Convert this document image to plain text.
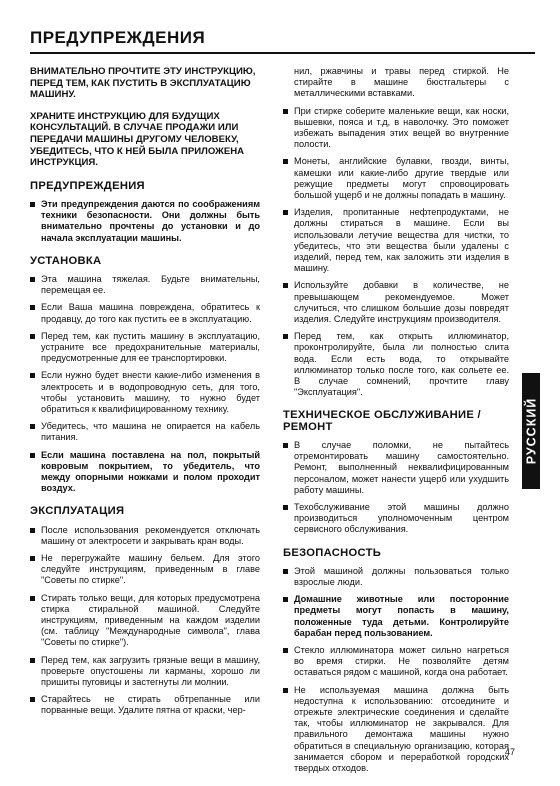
ПРЕДУПРЕЖДЕНИЯ

ВНИМАТЕЛЬНО ПРОЧТИТЕ ЭТУ ИНСТРУКЦИЮ, ПЕРЕД ТЕМ, КАК ПУСТИТЬ В ЭКСПЛУАТАЦИЮ МАШИНУ.

ХРАНИТЕ ИНСТРУКЦИЮ ДЛЯ БУДУЩИХ КОНСУЛЬТАЦИЙ. В СЛУЧАЕ ПРОДАЖИ ИЛИ ПЕРЕДАЧИ МАШИНЫ ДРУГОМУ ЧЕЛОВЕКУ, УБЕДИТЕСЬ, ЧТО К НЕЙ БЫЛА ПРИЛОЖЕНА ИНСТРУКЦИЯ.

ПРЕДУПРЕЖДЕНИЯ
Эти предупреждения даются по соображениям техники безопасности. Они должны быть внимательно прочтены до установки и до начала эксплуатации машины.
УСТАНОВКА
Эта машина тяжелая. Будьте внимательны, перемещая ее.
Если Ваша машина повреждена, обратитесь к продавцу, до того как пустить ее в эксплуатацию.
Перед тем, как пустить машину в эксплуатацию, устраните все предохранительные материалы, предусмотренные для ее транспортировки.
Если нужно будет внести какие-либо изменения в электросеть и в водопроводную сеть, для того, чтобы установить машину, то нужно будет обратиться к квалифицированному технику.
Убедитесь, что машина не опирается на кабель питания.
Если машина поставлена на пол, покрытый ковровым покрытием, то убедитель, что между опорными ножками и полом проходит воздух.
ЭКСПЛУАТАЦИЯ
После использования рекомендуется отключать машину от электросети и закрывать кран воды.
Не перегружайте машину бельем. Для этого следуйте инструкциям, приведенным в главе "Советы по стирке".
Стирать только вещи, для которых предусмотрена стирка стиральной машиной. Следуйте инструкциям, приведенным на каждом изделии (см. таблицу "Международные символа", глава "Советы по стирке").
Перед тем, как загрузить грязные вещи в машину, проверьте опустошены ли карманы, хорошо ли пришиты пуговицы и застегнуты ли молнии.
Старайтесь не стирать обтрепанные или порванные вещи. Удалите пятна от краски, чер-

нил, ржавчины и травы перед стиркой. Не стирайте в машине бюстгальтеры с металлическими вставками.

При стирке соберите маленькие вещи, как носки, вышевки, пояса и т.д, в наволочку. Это поможет избежать выпадения этих вещей во внутренние полости.
Монеты, английские булавки, гвозди, винты, камешки или какие-либо другие твердые или режущие предметы могут спровоцировать большой ущерб и не должны попадать в машину.
Изделия, пропитанные нефтепродуктами, не должны стираться в машине. Если вы использовали летучие вещества для чистки, то убедитесь, что эти вещества были удалены с изделий, перед тем, как заложить эти изделия в машину.
Используйте добавки в количестве, не превышающем рекомендуемое. Может случиться, что слишком большие дозы повредят изделия. Следуйте инструкциям производителя.
Перед тем, как открыть иллюминатор, проконтролируйте, была ли полностью слита вода. Если есть вода, то открывайте иллюминатор только после того, как сольете ее. В случае сомнений, прочтите главу "Эксплуатация".
ТЕХНИЧЕСКОЕ ОБСЛУЖИВАНИЕ / РЕМОНТ
В случае поломки, не пытайтесь отремонтировать машину самостоятельно. Ремонт, выполненный неквалифицированным персоналом, может нанести ущерб или ухудшить работу машины.
Техобслуживание этой машины должно производиться уполномоченным центром сервисного обслуживания.
БЕЗОПАСНОСТЬ
Этой машиной должны пользоваться только взрослые люди.
Домашние животные или посторонние предметы могут попасть в машину, положенные туда детьми. Контролируйте барабан перед пользованием.
Стекло иллюминатора может сильно нагреться во время стирки. Не позволяйте детям оставаться рядом с машиной, когда она работает.
Не используемая машина должна быть недоступна к использованию: отсоедините и отрежьте электрические соединения и сделайте так, чтобы иллюминатор не закрывался. Для правильного демонтажа машины нужно обратиться в специальную организацию, которая занимается сбором и переработкой городских твердых отходов.
РУССКИЙ
47
